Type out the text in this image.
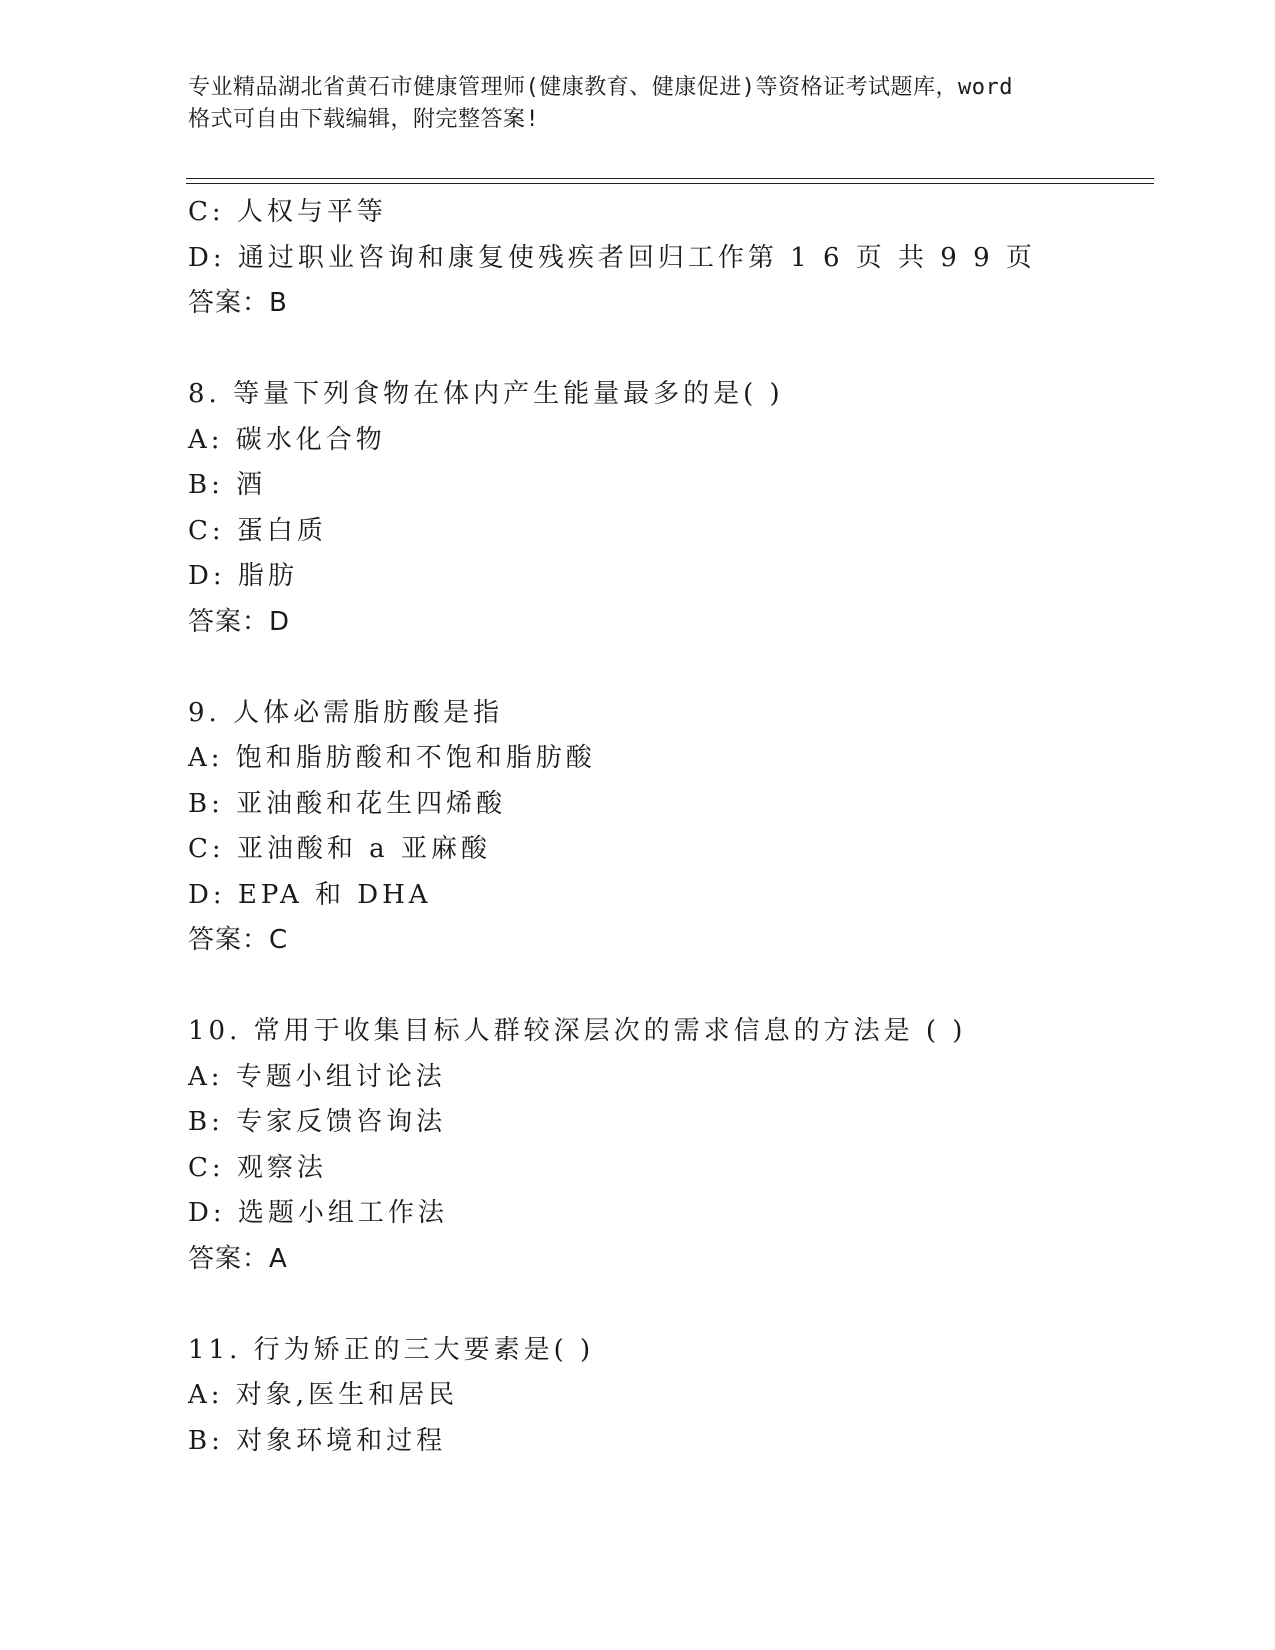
专业精品湖北省黄石市健康管理师(健康教育、健康促进)等资格证考试题库，word
格式可自由下载编辑，附完整答案!
C: 人权与平等
D: 通过职业咨询和康复使残疾者回归工作第 1 6 页 共 9 9 页
答案：B
8. 等量下列食物在体内产生能量最多的是( )
A: 碳水化合物
B: 酒
C: 蛋白质
D: 脂肪
答案：D
9. 人体必需脂肪酸是指
A: 饱和脂肪酸和不饱和脂肪酸
B: 亚油酸和花生四烯酸
C: 亚油酸和 a 亚麻酸
D: EPA 和 DHA
答案：C
10. 常用于收集目标人群较深层次的需求信息的方法是 ( )
A: 专题小组讨论法
B: 专家反馈咨询法
C: 观察法
D: 选题小组工作法
答案：A
11. 行为矫正的三大要素是( )
A: 对象,医生和居民
B: 对象环境和过程
